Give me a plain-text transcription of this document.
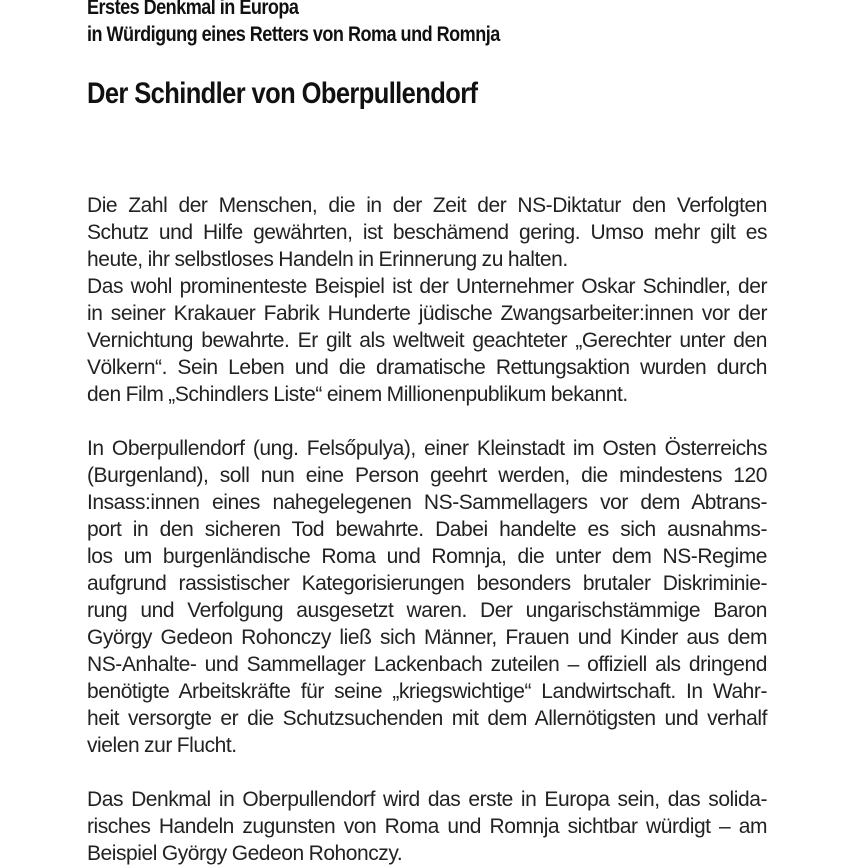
Erstes Denkmal in Europa

in Würdigung eines Retters von Roma und Romnja

Der Schindler von Oberpullendorf

Die Zahl der Menschen, die in der Zeit der NS-Diktatur den Verfolgten
Schutz und Hilfe gewährten, ist beschämend gering. Umso mehr gilt es
heute, ihr selbstloses Handeln in Erinnerung zu halten.

Das wohl prominenteste Beispiel ist der Unternehmer Oskar Schindler, der
in seiner Krakauer Fabrik Hunderte jüdische Zwangsarbeiter:innen vor der
Vernichtung bewahrte. Er gilt als weltweit geachteter „Gerechter unter den
Völkern“. Sein Leben und die dramatische Rettungsaktion wurden durch
den Film „Schindlers Liste“ einem Millionenpublikum bekannt.

In Oberpullendorf (ung. Felsőpulya), einer Kleinstadt im Osten Österreichs
(Burgenland), soll nun eine Person geehrt werden, die mindestens 120
Insass:innen eines nahegelegenen NS-Sammellagers vor dem Abtrans-
port in den sicheren Tod bewahrte. Dabei handelte es sich ausnahms-
los um burgenländische Roma und Romnja, die unter dem NS-Regime
aufgrund rassistischer Kategorisierungen besonders brutaler Diskriminie-
rung und Verfolgung ausgesetzt waren. Der ungarischstämmige Baron
György Gedeon Rohonczy ließ sich Männer, Frauen und Kinder aus dem
NS-Anhalte- und Sammellager Lackenbach zuteilen – offiziell als dringend
benötigte Arbeitskräfte für seine „kriegswichtige“ Landwirtschaft. In Wahr-
heit versorgte er die Schutzsuchenden mit dem Allernötigsten und verhalf
vielen zur Flucht.

Das Denkmal in Oberpullendorf wird das erste in Europa sein, das solida-
risches Handeln zugunsten von Roma und Romnja sichtbar würdigt – am
Beispiel György Gedeon Rohonczy.
